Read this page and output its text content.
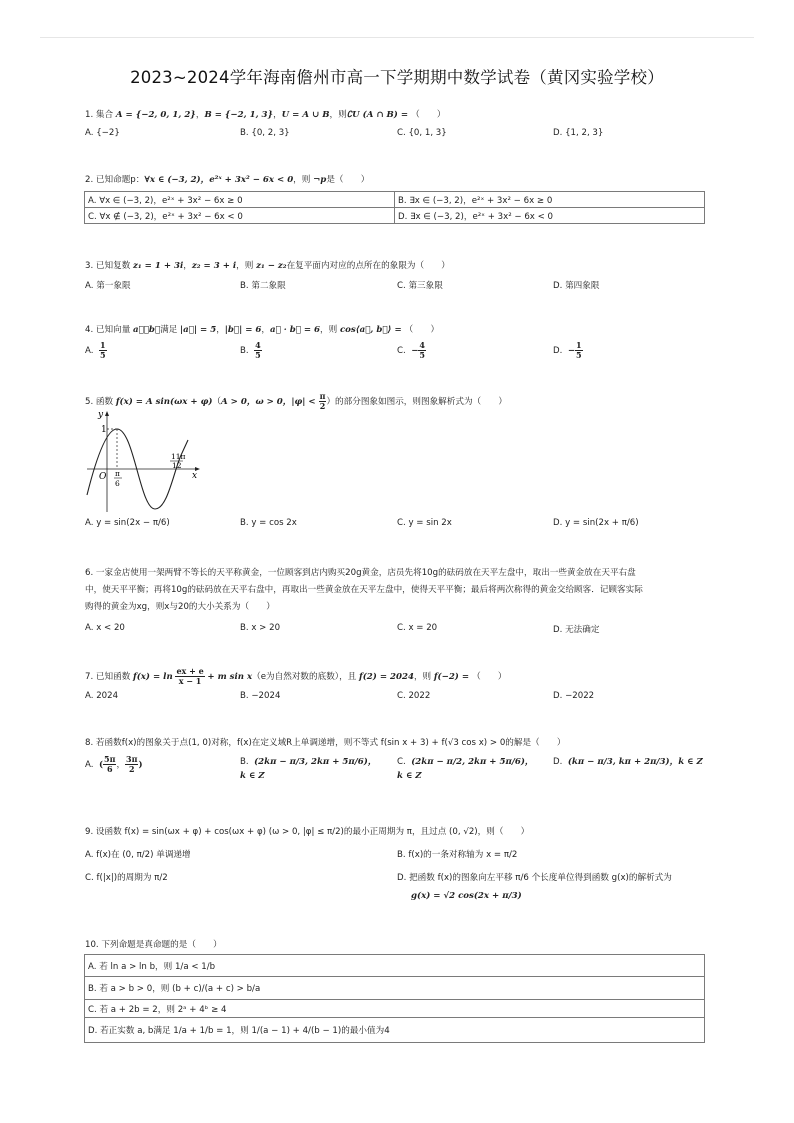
2023~2024学年海南儋州市高一下学期期中数学试卷（黄冈实验学校）
1. 集合 A = {−2, 0, 1, 2}，B = {−2, 1, 3}，U = A ∪ B，则∁U (A ∩ B) = （　　）
A. {−2}	B. {0, 2, 3}	C. {0, 1, 3}	D. {1, 2, 3}
2. 已知命题p：∀x ∈ (−3, 2)，e²ˣ + 3x² − 6x < 0，则 ¬p是（　　）
A. ∀x ∈ (−3, 2)，e²ˣ + 3x² − 6x ≥ 0	B. ∃x ∈ (−3, 2)，e²ˣ + 3x² − 6x ≥ 0
C. ∀x ∉ (−3, 2)，e²ˣ + 3x² − 6x < 0	D. ∃x ∈ (−3, 2)，e²ˣ + 3x² − 6x < 0
3. 已知复数 z₁ = 1 + 3i，z₂ = 3 + i，则 z₁ − z₂在复平面内对应的点所在的象限为（　　）
A. 第一象限	B. 第二象限	C. 第三象限	D. 第四象限
4. 已知向量 a⃗，b⃗满足 |a⃗| = 5，|b⃗| = 6，a⃗ · b⃗ = 6，则 cos⟨a⃗, b⃗⟩ = （　　）
A. $\frac{1}{5}$	B. $\frac{4}{5}$	C. − $\frac{4}{5}$	D. − $\frac{1}{5}$
5. 函数 f(x) = A sin(ωx + φ)（A > 0，ω > 0，$|\varphi| < \frac{\pi}{2}$ ）的部分图象如图示，则图象解析式为（　　）
y
x
1
O π
6
11π
12
A. y = sin(2x − π/6)	B. y = cos 2x	C. y = sin 2x	D. y = sin(2x + π/6)
6. 一家金店使用一架两臂不等长的天平称黄金，一位顾客到店内购买20g黄金，店员先将10g的砝码放在天平左盘中，取出一些黄金放在天平右盘
中，使天平平衡；再将10g的砝码放在天平右盘中，再取出一些黄金放在天平左盘中，使得天平平衡；最后将两次称得的黄金交给顾客．记顾客实际
购得的黄金为xg，则x与20的大小关系为（　　）
A. x < 20	B. x > 20	C. x = 20	D. 无法确定
7. 已知函数 $f(x) = \ln \frac{ex + e}{x - 1} + m$ sin x（e为自然对数的底数），且 f(2) = 2024，则 f(−2) = （　　）
A. 2024	B. −2024	C. 2022	D. −2022
8. 若函数f(x)的图象关于点(1, 0)对称，f(x)在定义域R上单调递增，则不等式 f(sin x + 3) + f(√3 cos x) > 0的解是（　　）
A. ( $\frac{5\pi}{6}$ ， $\frac{3\pi}{2}$ )	B. (2kπ − π/3, 2kπ + 5π/6)，
k ∈ Z
C. (2kπ − π/2, 2kπ + 5π/6)，
k ∈ Z
D. (kπ − π/3, kπ + 2π/3)，k ∈ Z
9. 设函数 f(x) = sin(ωx + φ) + cos(ωx + φ) (ω > 0, |φ| ≤ π/2)的最小正周期为 π，且过点 (0, √2)，则（　　）
A. f(x)在 (0, π/2) 单调递增	B. f(x)的一条对称轴为 x = π/2
C. f(|x|)的周期为 π/2	D. 把函数 f(x)的图象向左平移 π/6 个长度单位得到函数 g(x)的解析式为
g(x) = √2 cos(2x + π/3)
10. 下列命题是真命题的是（　　）
A. 若 ln a > ln b，则 1/a < 1/b
B. 若 a > b > 0，则 (b + c)/(a + c) > b/a
C. 若 a + 2b = 2，则 2ᵃ + 4ᵇ ≥ 4
D. 若正实数 a, b满足 1/a + 1/b = 1，则 1/(a − 1) + 4/(b − 1)的最小值为4
